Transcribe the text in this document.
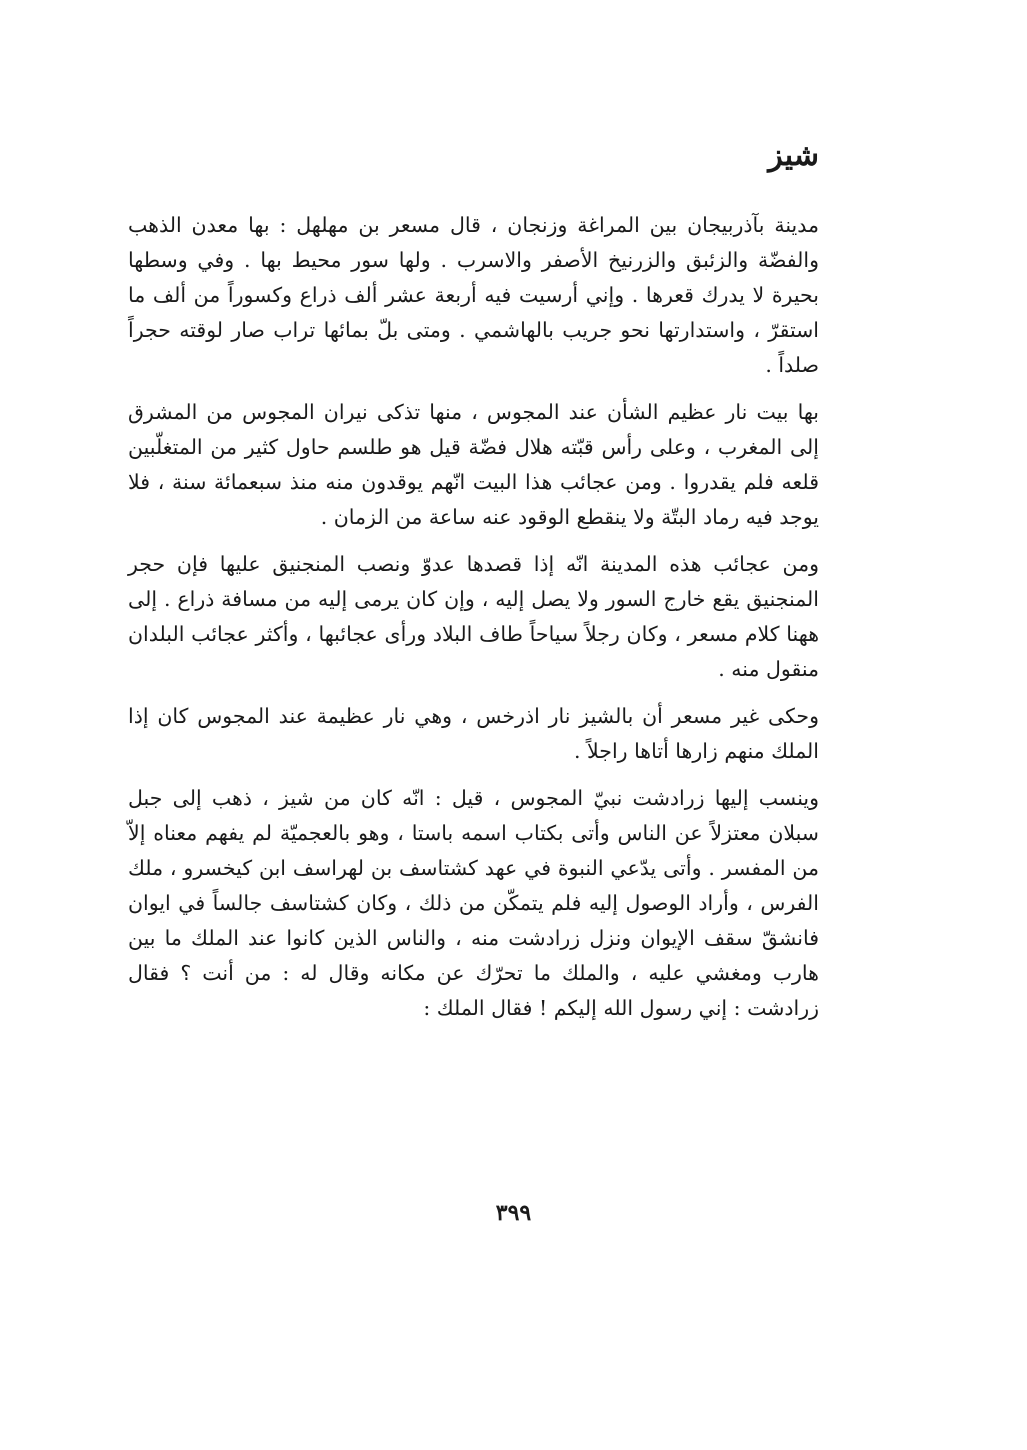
شيز

مدينة بآذربيجان بين المراغة وزنجان ، قال مسعر بن مهلهل : بها معدن الذهب والفضّة والزئبق والزرنيخ الأصفر والاسرب . ولها سور محيط بها . وفي وسطها بحيرة لا يدرك قعرها . وإني أرسيت فيه أربعة عشر ألف ذراع وكسوراً من ألف ما استقرّ ، واستدارتها نحو جريب بالهاشمي . ومتى بلّ بمائها تراب صار لوقته حجراً صلداً .

بها بيت نار عظيم الشأن عند المجوس ، منها تذكى نيران المجوس من المشرق إلى المغرب ، وعلى رأس قبّته هلال فضّة قيل هو طلسم حاول كثير من المتغلّبين قلعه فلم يقدروا . ومن عجائب هذا البيت انّهم يوقدون منه منذ سبعمائة سنة ، فلا يوجد فيه رماد البتّة ولا ينقطع الوقود عنه ساعة من الزمان .

ومن عجائب هذه المدينة انّه إذا قصدها عدوّ ونصب المنجنيق عليها فإن حجر المنجنيق يقع خارج السور ولا يصل إليه ، وإن كان يرمى إليه من مسافة ذراع . إلى ههنا كلام مسعر ، وكان رجلاً سياحاً طاف البلاد ورأى عجائبها ، وأكثر عجائب البلدان منقول منه .

وحكى غير مسعر أن بالشيز نار اذرخس ، وهي نار عظيمة عند المجوس كان إذا الملك منهم زارها أتاها راجلاً .

وينسب إليها زرادشت نبيّ المجوس ، قيل : انّه كان من شيز ، ذهب إلى جبل سبلان معتزلاً عن الناس وأتى بكتاب اسمه باستا ، وهو بالعجميّة لم يفهم معناه إلاّ من المفسر . وأتى يدّعي النبوة في عهد كشتاسف بن لهراسف ابن كيخسرو ، ملك الفرس ، وأراد الوصول إليه فلم يتمكّن من ذلك ، وكان كشتاسف جالساً في ايوان فانشقّ سقف الإيوان ونزل زرادشت منه ، والناس الذين كانوا عند الملك ما بين هارب ومغشي عليه ، والملك ما تحرّك عن مكانه وقال له : من أنت ؟ فقال زرادشت : إني رسول الله إليكم ! فقال الملك :

٣٩٩
